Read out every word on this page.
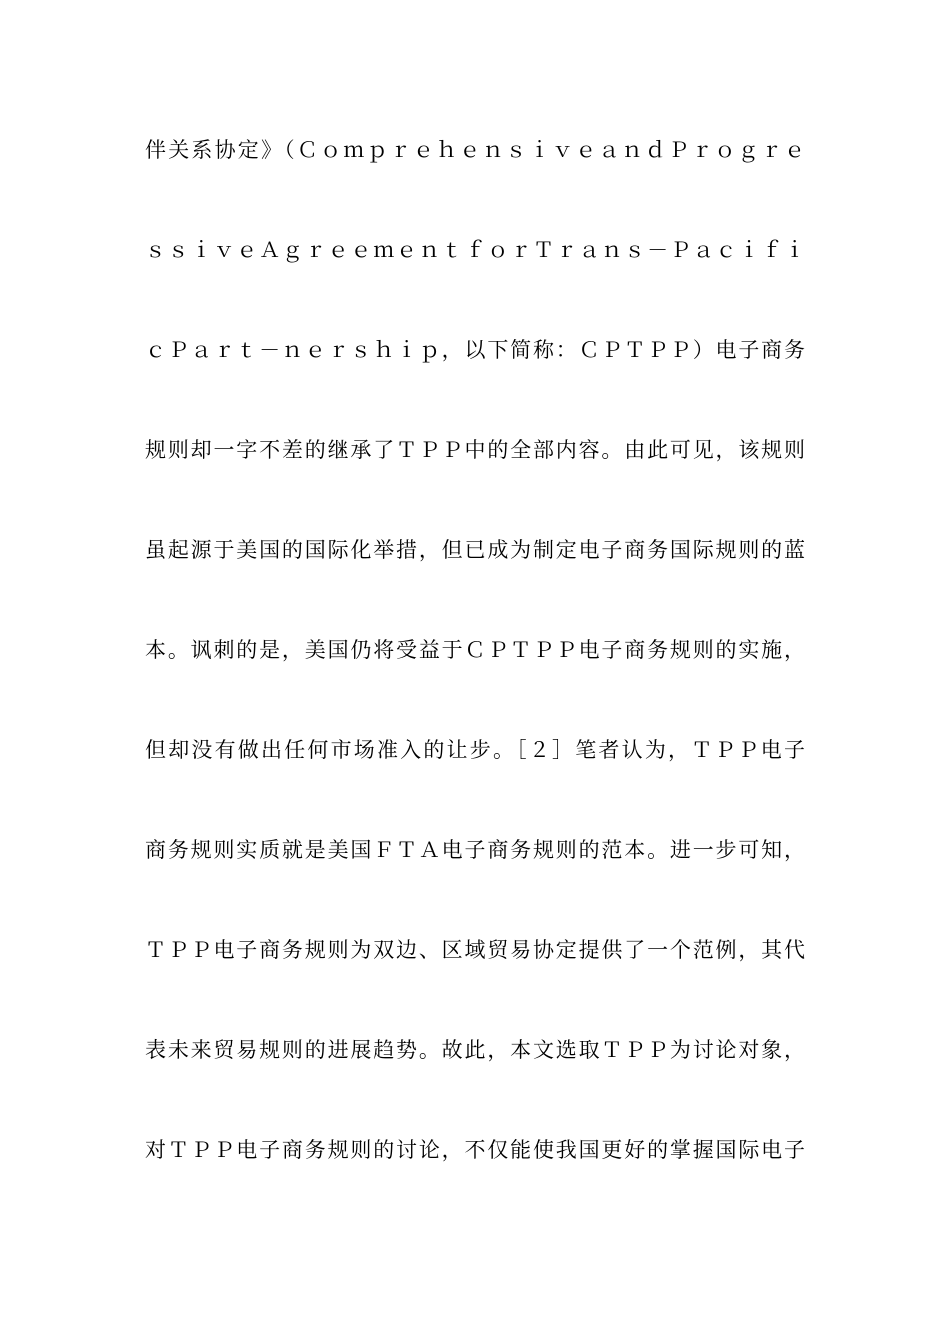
伴关系协定》（ＣｏｍｐｒｅｈｅｎｓｉｖｅａｎｄＰｒｏｇｒｅ
ｓｓｉｖｅＡｇｒｅｅｍｅｎｔｆｏｒＴｒａｎｓ－Ｐａｃｉｆｉ
ｃＰａｒｔ－ｎｅｒｓｈｉｐ，以下简称：ＣＰＴＰＰ）电子商务
规则却一字不差的继承了ＴＰＰ中的全部内容。由此可见，该规则
虽起源于美国的国际化举措，但已成为制定电子商务国际规则的蓝
本。讽刺的是，美国仍将受益于ＣＰＴＰＰ电子商务规则的实施，
但却没有做出任何市场准入的让步。［２］笔者认为，ＴＰＰ电子
商务规则实质就是美国ＦＴＡ电子商务规则的范本。进一步可知，
ＴＰＰ电子商务规则为双边、区域贸易协定提供了一个范例，其代
表未来贸易规则的进展趋势。故此，本文选取ＴＰＰ为讨论对象，
对ＴＰＰ电子商务规则的讨论，不仅能使我国更好的掌握国际电子
